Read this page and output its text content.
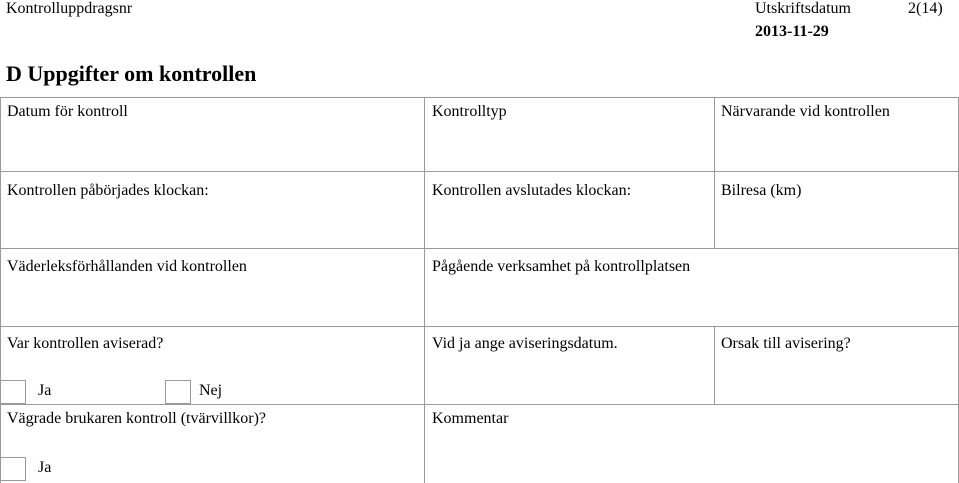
Kontrolluppdragsnr	Utskriftsdatum
2013-11-29
2(14)
D Uppgifter om kontrollen
Datum för kontroll	Kontrolltyp	Närvarande vid kontrollen
Kontrollen påbörjades klockan:	Kontrollen avslutades klockan:	Bilresa (km)
Väderleksförhållanden vid kontrollen	Pågående verksamhet på kontrollplatsen
Var kontrollen aviserad?	Vid ja ange aviseringsdatum.	Orsak till avisering?
Ja	Nej
Vägrade brukaren kontroll (tvärvillkor)?	Kommentar
Ja
